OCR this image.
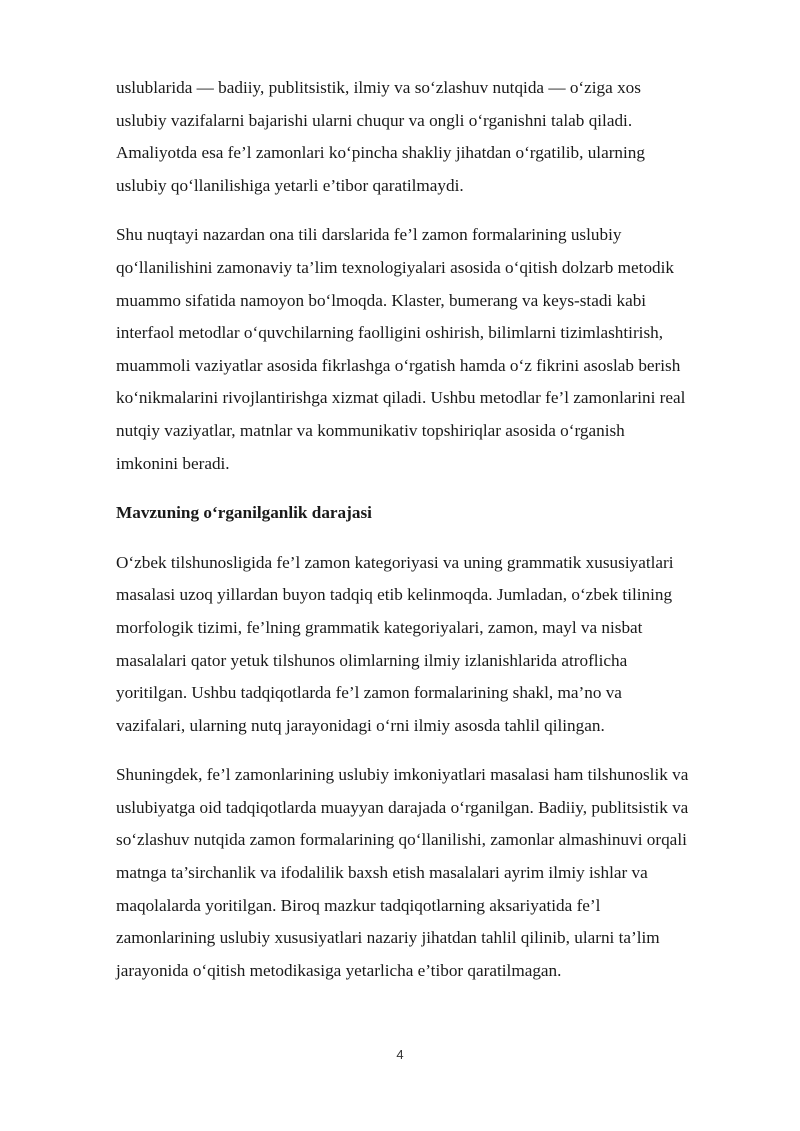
uslublarida — badiiy, publitsistik, ilmiy va so‘zlashuv nutqida — o‘ziga xos
uslubiy vazifalarni bajarishi ularni chuqur va ongli o‘rganishni talab qiladi.
Amaliyotda esa fe’l zamonlari ko‘pincha shakliy jihatdan o‘rgatilib, ularning
uslubiy qo‘llanilishiga yetarli e’tibor qaratilmaydi.

Shu nuqtayi nazardan ona tili darslarida fe’l zamon formalarining uslubiy
qo‘llanilishini zamonaviy ta’lim texnologiyalari asosida o‘qitish dolzarb metodik
muammo sifatida namoyon bo‘lmoqda. Klaster, bumerang va keys-stadi kabi
interfaol metodlar o‘quvchilarning faolligini oshirish, bilimlarni tizimlashtirish,
muammoli vaziyatlar asosida fikrlashga o‘rgatish hamda o‘z fikrini asoslab berish
ko‘nikmalarini rivojlantirishga xizmat qiladi. Ushbu metodlar fe’l zamonlarini real
nutqiy vaziyatlar, matnlar va kommunikativ topshiriqlar asosida o‘rganish
imkonini beradi.

Mavzuning o‘rganilganlik darajasi

O‘zbek tilshunosligida fe’l zamon kategoriyasi va uning grammatik xususiyatlari
masalasi uzoq yillardan buyon tadqiq etib kelinmoqda. Jumladan, o‘zbek tilining
morfologik tizimi, fe’lning grammatik kategoriyalari, zamon, mayl va nisbat
masalalari qator yetuk tilshunos olimlarning ilmiy izlanishlarida atroflicha
yoritilgan. Ushbu tadqiqotlarda fe’l zamon formalarining shakl, ma’no va
vazifalari, ularning nutq jarayonidagi o‘rni ilmiy asosda tahlil qilingan.

Shuningdek, fe’l zamonlarining uslubiy imkoniyatlari masalasi ham tilshunoslik va
uslubiyatga oid tadqiqotlarda muayyan darajada o‘rganilgan. Badiiy, publitsistik va
so‘zlashuv nutqida zamon formalarining qo‘llanilishi, zamonlar almashinuvi orqali
matnga ta’sirchanlik va ifodalilik baxsh etish masalalari ayrim ilmiy ishlar va
maqolalarda yoritilgan. Biroq mazkur tadqiqotlarning aksariyatida fe’l
zamonlarining uslubiy xususiyatlari nazariy jihatdan tahlil qilinib, ularni ta’lim
jarayonida o‘qitish metodikasiga yetarlicha e’tibor qaratilmagan.

4
